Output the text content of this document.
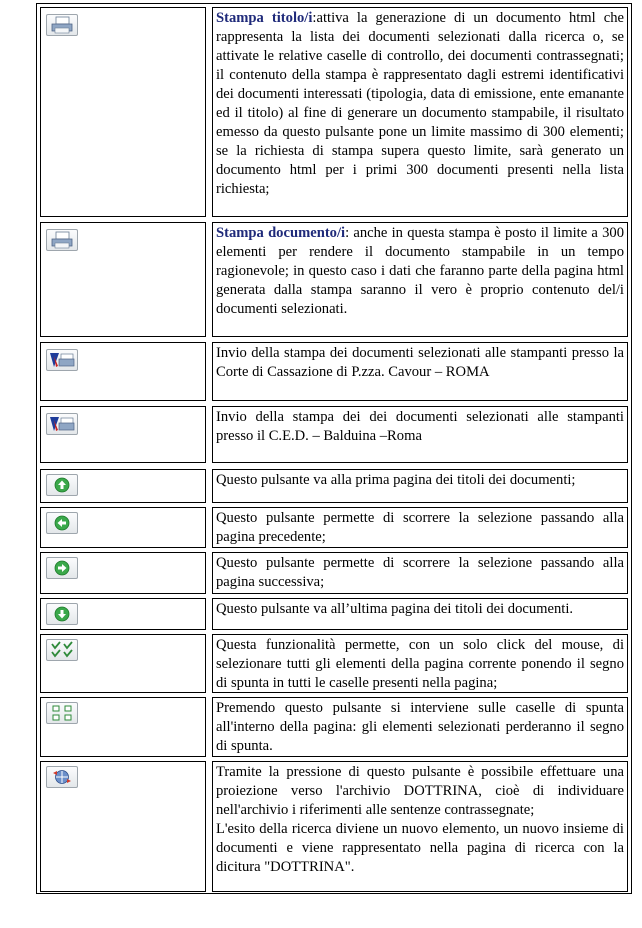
Stampa titolo/i:attiva la generazione di un documento html che rappresenta la lista dei documenti selezionati dalla ricerca o, se attivate le relative caselle di controllo, dei documenti contrassegnati; il contenuto della stampa è rappresentato dagli estremi identificativi dei documenti interessati (tipologia, data di emissione, ente emanante ed il titolo) al fine di generare un documento stampabile, il risultato emesso da questo pulsante pone un limite massimo di 300 elementi; se la richiesta di stampa supera questo limite, sarà generato un documento html per i primi 300 documenti presenti nella lista richiesta;
Stampa documento/i: anche in questa stampa è posto il limite a 300 elementi per rendere il documento stampabile in un tempo ragionevole; in questo caso i dati che faranno parte della pagina html generata dalla stampa saranno il vero è proprio contenuto del/i documenti selezionati.
Invio della stampa dei documenti selezionati alle stampanti presso la Corte di Cassazione di P.zza. Cavour – ROMA
Invio della stampa dei dei documenti selezionati alle stampanti presso il C.E.D. – Balduina –Roma
Questo pulsante va alla prima pagina dei titoli dei documenti;
Questo pulsante permette di scorrere la selezione passando alla pagina precedente;
Questo pulsante permette di scorrere la selezione passando alla pagina successiva;
Questo pulsante va all’ultima pagina dei titoli dei documenti.
Questa funzionalità permette, con un solo click del mouse, di selezionare tutti gli elementi della pagina corrente ponendo il segno di spunta in tutti le caselle presenti nella pagina;
Premendo questo pulsante si interviene sulle caselle di spunta all'interno della pagina: gli elementi selezionati perderanno il segno di spunta.
Tramite la pressione di questo pulsante è possibile effettuare una proiezione verso l'archivio DOTTRINA, cioè di individuare nell'archivio i riferimenti alle sentenze contrassegnate;
L'esito della ricerca diviene un nuovo elemento, un nuovo insieme di documenti e viene rappresentato nella pagina di ricerca con la dicitura "DOTTRINA".
